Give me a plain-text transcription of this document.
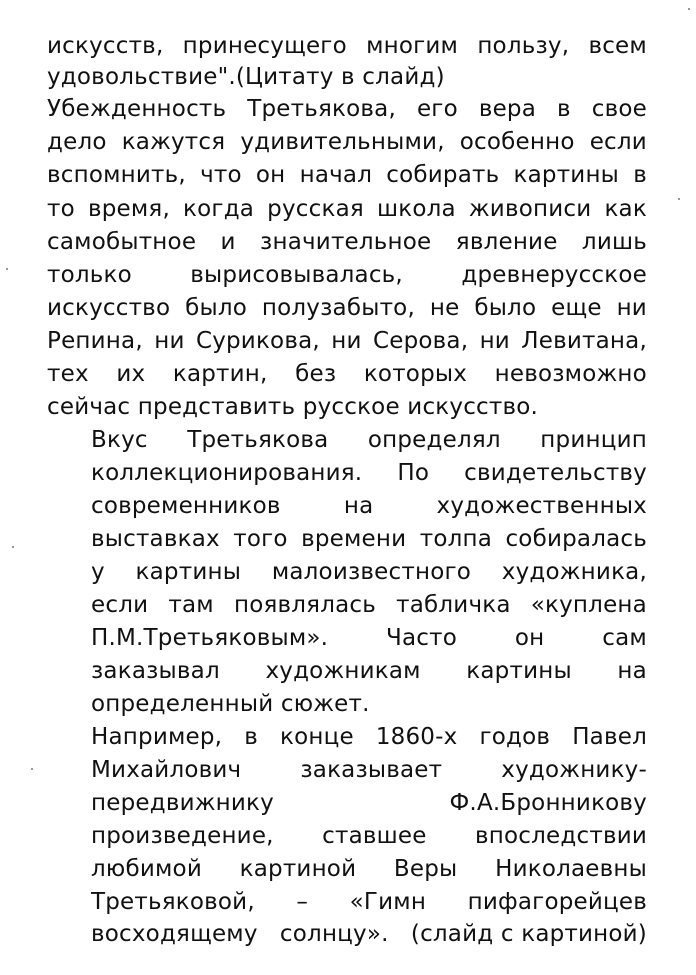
искусств, принесущего многим пользу, всем
удовольствие".(Цитату в слайд)
Убежденность Третьякова, его вера в свое
дело кажутся удивительными, особенно если
вспомнить, что он начал собирать картины в
то время, когда русская школа живописи как
самобытное и значительное явление лишь
только	вырисовывалась,	древнерусское
искусство было полузабыто, не было еще ни
Репина, ни Сурикова, ни Серова, ни Левитана,
тех их картин, без которых невозможно
сейчас представить русское искусство.
Вкус Третьякова определял принцип
коллекционирования. По свидетельству
современников	на	художественных
выставках того времени толпа собиралась
у картины малоизвестного художника,
если там появлялась табличка «куплена
П.М.Третьяковым».	Часто	он	сам
заказывал художникам картины на
определенный сюжет.
Например, в конце 1860-х годов Павел
Михайлович	заказывает	художнику-
передвижнику	Ф.А.Бронникову
произведение, ставшее впоследствии
любимой картиной Веры Николаевны
Третьяковой, – «Гимн пифагорейцев
восходящему солнцу». (слайд с картиной)
